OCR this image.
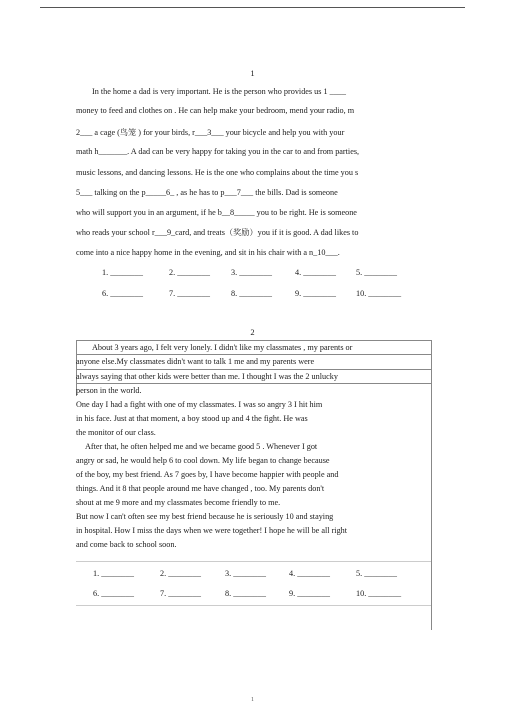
1
In the home a dad is very important. He is the person who provides us 1 ____
money to feed and clothes on . He can help make your bedroom, mend your radio, m
2___ a cage (鸟笼 ) for your birds, r___3___ your bicycle and help you with your
math h_______. A dad can be very happy for taking you in the car to and from parties,
music lessons, and dancing lessons. He is the one who complains about the time you s
5___ talking on the p_____6_ , as he has to p___7___ the bills. Dad is someone
who will support you in an argument, if he b__8_____ you to be right. He is someone
who reads your school r___9_card, and treats（奖励）you if it is good. A dad likes to
come into a nice happy home in the evening, and sit in his chair with a n_10___.
1. ________	2. ________	3. ________	4. ________	5. ________
6. ________	7. ________	8. ________	9. ________	10. ________
2
About 3 years ago, I felt very lonely. I didn't like my classmates , my parents or
anyone else.My classmates didn't want to talk 1 me and my parents were
always saying that other kids were better than me. I thought I was the 2 unlucky
person in the world.
One day I had a fight with one of my classmates. I was so angry 3 I hit him
in his face. Just at that moment, a boy stood up and 4 the fight. He was
the monitor of our class.
After that, he often helped me and we became good 5 . Whenever I got
angry or sad, he would help 6 to cool down. My life began to change because
of the boy, my best friend. As 7 goes by, I have become happier with people and
things. And it 8 that people around me have changed , too. My parents don't
shout at me 9 more and my classmates become friendly to me.
But now I can't often see my best friend because he is seriously 10 and staying
in hospital. How I miss the days when we were together! I hope he will be all right
and come back to school soon.
1. ________	2. ________	3. ________	4. ________	5. ________
6. ________	7. ________	8. ________	9. ________	10. ________
1
